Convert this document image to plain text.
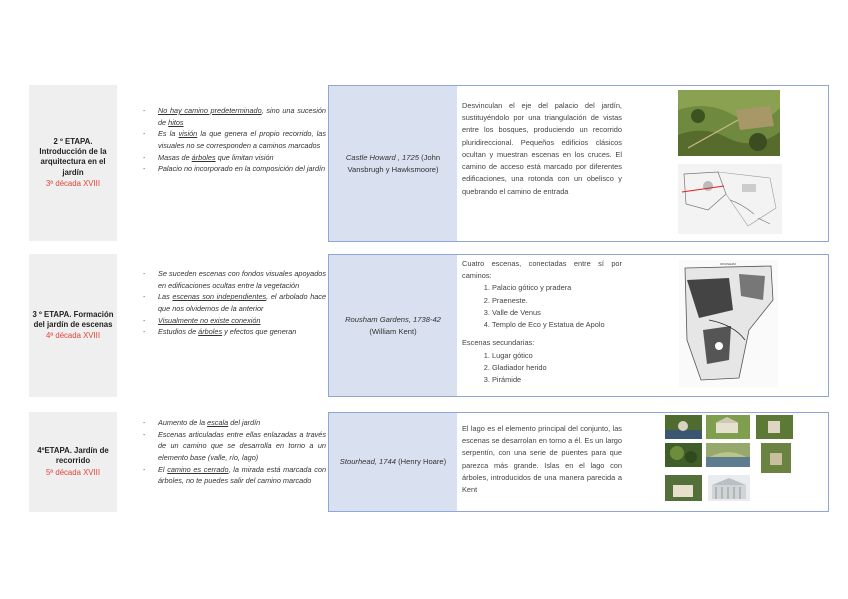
2 º ETAPA. Introducción de la arquitectura en el jardín
3ª década XVIII
- No hay camino predeterminado, sino una sucesión de hitos
- Es la visión la que genera el propio recorrido, las visuales no se corresponden a caminos marcados
- Masas de árboles que limitan visión
- Palacio no incorporado en la composición del jardín
Castle Howard , 1725 (John Vansbrugh y Hawksmoore)
Desvinculan el eje del palacio del jardín, sustituyéndolo por una triangulación de vistas entre los bosques, produciendo un recorrido pluridireccional. Pequeños edificios clásicos ocultan y muestran escenas en los cruces. El camino de acceso está marcado por diferentes edificaciones, una rotonda con un obelisco y quebrando el camino de entrada
3 º ETAPA. Formación del jardín de escenas
4ª década XVIII
- Se suceden escenas con fondos visuales apoyados en edificaciones ocultas entre la vegetación
- Las escenas son independientes, el arbolado hace que nos olvidemos de la anterior
- Visualmente no existe conexión
- Estudios de árboles y efectos que generan
Rousham Gardens, 1738-42
(William Kent)
Cuatro escenas, conectadas entre sí por caminos:
1. Palacio gótico y pradera
2. Praeneste.
3. Valle de Venus
4. Templo de Eco y Estatua de Apolo
Escenas secundarias:
1. Lugar gótico
2. Gladiador herido
3. Pirámide
ROUSHAM
4ºETAPA. Jardín de recorrido
5ª década XVIII
- Aumento de la escala del jardín
- Escenas articuladas entre ellas enlazadas a través de un camino que se desarrolla en torno a un elemento base (valle, río, lago)
- El camino es cerrado, la mirada está marcada con árboles, no te puedes salir del camino marcado
Stourhead, 1744 (Henry Hoare)
El lago es el elemento principal del conjunto, las escenas se desarrolan en torno a él. Es un largo serpentín, con una serie de puentes para que parezca más grande. Islas en el lago con árboles, introducidos de una manera parecida a Kent
